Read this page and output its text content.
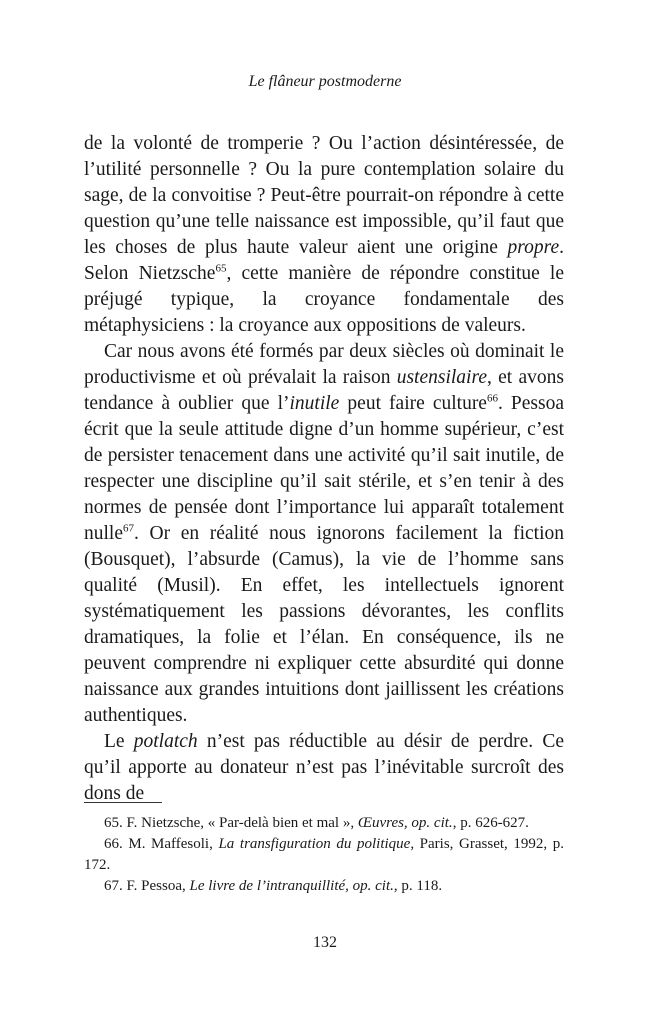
Le flâneur postmoderne

de la volonté de tromperie ? Ou l’action désintéressée, de l’utilité personnelle ? Ou la pure contemplation solaire du sage, de la convoitise ? Peut-être pourrait-on répondre à cette question qu’une telle naissance est impossible, qu’il faut que les choses de plus haute valeur aient une origine propre. Selon Nietzsche$^{65}$, cette manière de répondre constitue le préjugé typique, la croyance fondamentale des métaphysiciens : la croyance aux oppositions de valeurs.

Car nous avons été formés par deux siècles où dominait le productivisme et où prévalait la raison ustensilaire, et avons tendance à oublier que l’inutile peut faire culture$^{66}$. Pessoa écrit que la seule attitude digne d’un homme supérieur, c’est de persister tenacement dans une activité qu’il sait inutile, de respecter une discipline qu’il sait stérile, et s’en tenir à des normes de pensée dont l’importance lui apparaît totalement nulle$^{67}$. Or en réalité nous ignorons facilement la fiction (Bousquet), l’absurde (Camus), la vie de l’homme sans qualité (Musil). En effet, les intellectuels ignorent systématiquement les passions dévorantes, les conflits dramatiques, la folie et l’élan. En conséquence, ils ne peuvent comprendre ni expliquer cette absurdité qui donne naissance aux grandes intuitions dont jaillissent les créations authentiques.

Le potlatch n’est pas réductible au désir de perdre. Ce qu’il apporte au donateur n’est pas l’inévitable surcroît des dons de

65. F. Nietzsche, « Par-delà bien et mal », Œuvres, op. cit., p. 626-627.

66. M. Maffesoli, La transfiguration du politique, Paris, Grasset, 1992, p. 172.

67. F. Pessoa, Le livre de l’intranquillité, op. cit., p. 118.

132
